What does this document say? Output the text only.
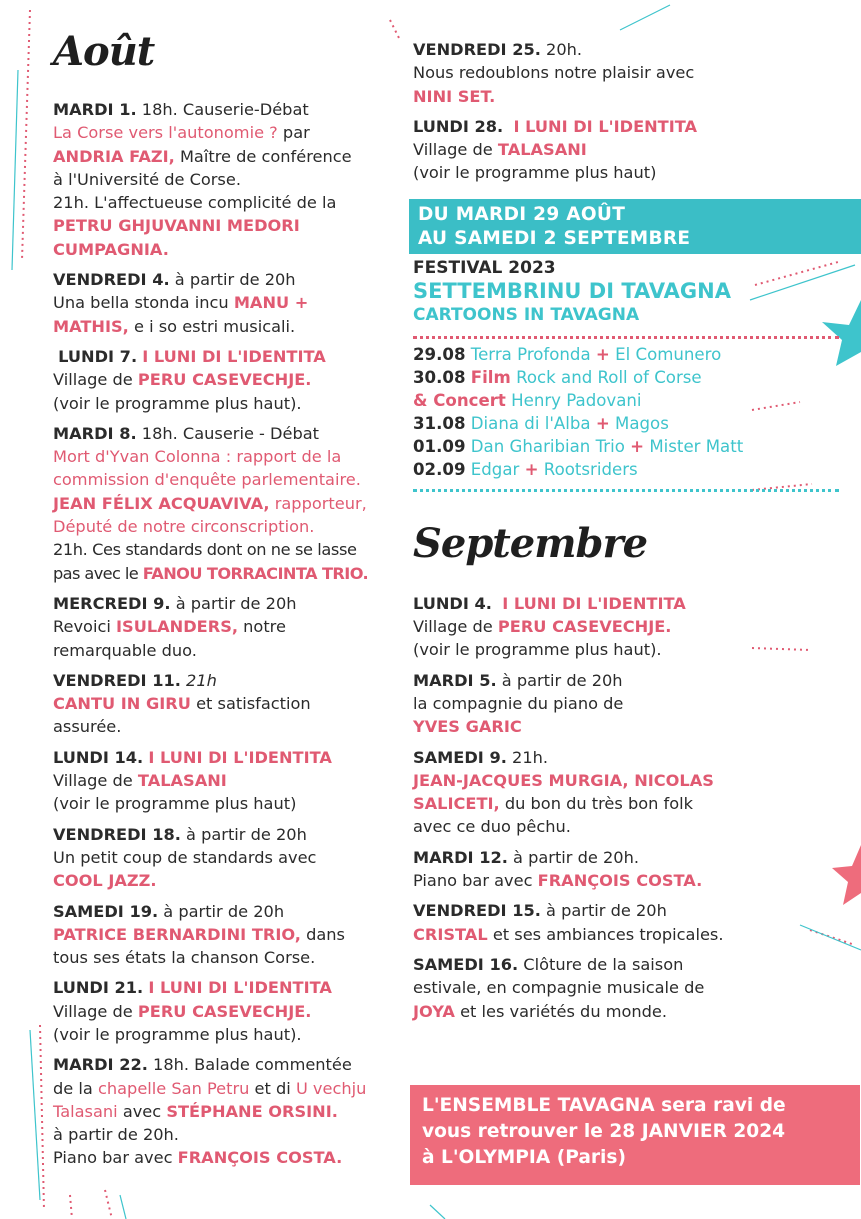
Août
MARDI 1. 18h. Causerie-Débat
La Corse vers l'autonomie ? par
ANDRIA FAZI, Maître de conférence
à l'Université de Corse.
21h. L'affectueuse complicité de la
PETRU GHJUVANNI MEDORI
CUMPAGNIA.
VENDREDI 4. à partir de 20h
Una bella stonda incu MANU +
MATHIS, e i so estri musicali.
LUNDI 7. I LUNI DI L'IDENTITA
Village de PERU CASEVECHJE.
(voir le programme plus haut).
MARDI 8. 18h. Causerie - Débat
Mort d'Yvan Colonna : rapport de la
commission d'enquête parlementaire.
JEAN FÉLIX ACQUAVIVA, rapporteur,
Député de notre circonscription.
21h. Ces standards dont on ne se lasse
pas avec le FANOU TORRACINTA TRIO.
MERCREDI 9. à partir de 20h
Revoici ISULANDERS, notre
remarquable duo.
VENDREDI 11. 21h
CANTU IN GIRU et satisfaction
assurée.
LUNDI 14. I LUNI DI L'IDENTITA
Village de TALASANI
(voir le programme plus haut)
VENDREDI 18. à partir de 20h
Un petit coup de standards avec
COOL JAZZ.
SAMEDI 19. à partir de 20h
PATRICE BERNARDINI TRIO, dans
tous ses états la chanson Corse.
LUNDI 21. I LUNI DI L'IDENTITA
Village de PERU CASEVECHJE.
(voir le programme plus haut).
MARDI 22. 18h. Balade commentée
de la chapelle San Petru et di U vechju
Talasani avec STÉPHANE ORSINI.
à partir de 20h.
Piano bar avec FRANÇOIS COSTA.
VENDREDI 25. 20h.
Nous redoublons notre plaisir avec
NINI SET.
LUNDI 28. I LUNI DI L'IDENTITA
Village de TALASANI
(voir le programme plus haut)
DU MARDI 29 AOÛT
AU SAMEDI 2 SEPTEMBRE
FESTIVAL 2023
SETTEMBRINU DI TAVAGNA
CARTOONS IN TAVAGNA
29.08 Terra Profonda + El Comunero
30.08 Film Rock and Roll of Corse
& Concert Henry Padovani
31.08 Diana di l'Alba + Magos
01.09 Dan Gharibian Trio + Mister Matt
02.09 Edgar + Rootsriders
Septembre
LUNDI 4. I LUNI DI L'IDENTITA
Village de PERU CASEVECHJE.
(voir le programme plus haut).
MARDI 5. à partir de 20h
la compagnie du piano de
YVES GARIC
SAMEDI 9. 21h.
JEAN-JACQUES MURGIA, NICOLAS
SALICETI, du bon du très bon folk
avec ce duo pêchu.
MARDI 12. à partir de 20h.
Piano bar avec FRANÇOIS COSTA.
VENDREDI 15. à partir de 20h
CRISTAL et ses ambiances tropicales.
SAMEDI 16. Clôture de la saison
estivale, en compagnie musicale de
JOYA et les variétés du monde.
L'ENSEMBLE TAVAGNA sera ravi de
vous retrouver le 28 JANVIER 2024
à L'OLYMPIA (Paris)
